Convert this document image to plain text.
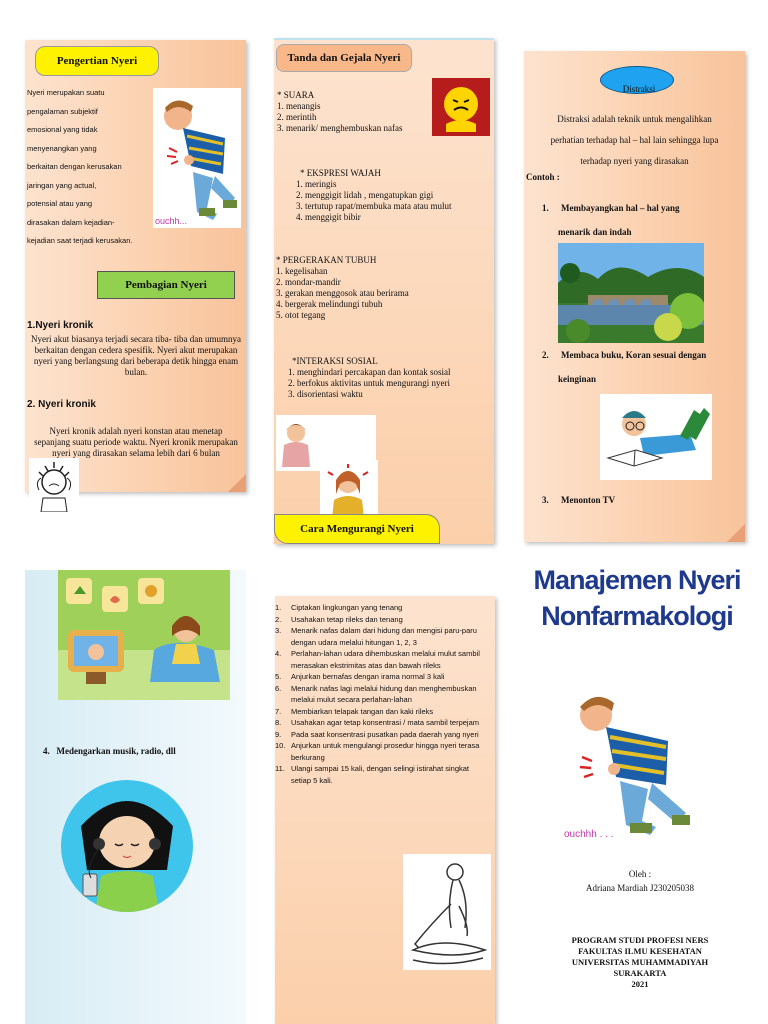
Pengertian Nyeri
Nyeri merupakan suatu
pengalaman subjektif
emosional yang tidak
menyenangkan yang
berkaitan dengan kerusakan
jaringan yang actual,
potensial atau yang
dirasakan dalam kejadian-
kejadian saat terjadi kerusakan.
ouchh...
Pembagian Nyeri
1.Nyeri kronik
Nyeri akut biasanya terjadi secara tiba- tiba dan umumnya berkaitan dengan cedera spesifik. Nyeri akut merupakan nyeri yang berlangsung dari beberapa detik hingga enam bulan.
2. Nyeri kronik
Nyeri kronik adalah nyeri konstan atau menetap sepanjang suatu periode waktu. Nyeri kronik merupakan nyeri yang dirasakan selama lebih dari 6 bulan
Tanda dan Gejala Nyeri
* SUARA
1. menangis
2. merintih
3. menarik/ menghembuskan nafas
* EKSPRESI WAJAH
1. meringis
2. menggigit lidah , mengatupkan gigi
3. tertutup rapat/membuka mata atau mulut
4. menggigit bibir
* PERGERAKAN TUBUH
1. kegelisahan
2. mondar-mandir
3. gerakan menggosok atau berirama
4. bergerak melindungi tubuh
5. otot tegang
*INTERAKSI SOSIAL
1. menghindari percakapan dan kontak sosial
2. berfokus aktivitas untuk mengurangi nyeri
3. disorientasi waktu
Cara Mengurangi Nyeri
Distraksi
Distraksi adalah teknik untuk mengalihkan
perhatian terhadap hal – hal lain sehingga lupa
terhadap nyeri yang dirasakan
Contoh :
1. Membayangkan hal – hal yang
menarik dan indah
2. Membaca buku, Koran sesuai dengan
keinginan
3. Menonton TV
4.   Medengarkan musik, radio, dll
1.	Ciptakan lingkungan yang tenang
2.	Usahakan tetap rileks dan tenang
3.	Menarik nafas dalam dari hidung dan mengisi paru-paru dengan udara melalui hitungan 1, 2, 3
4.	Perlahan-lahan udara dihembuskan melalui mulut sambil merasakan ekstrimitas atas dan bawah rileks
5.	Anjurkan bernafas dengan irama normal 3 kali
6.	Menarik nafas lagi melalui hidung dan menghembuskan melalui mulut secara perlahan-lahan
7.	Membiarkan telapak tangan dan kaki rileks
8.	Usahakan agar tetap konsentrasi / mata sambil terpejam
9.	Pada saat konsentrasi pusatkan pada daerah yang nyeri
10. Anjurkan untuk mengulangi prosedur hingga nyeri terasa berkurang
11. Ulangi sampai 15 kali, dengan selingi istirahat singkat setiap 5 kali.
Manajemen Nyeri
Nonfarmakologi
ouchhh . . .
Oleh :
Adriana Mardiah J230205038
PROGRAM STUDI PROFESI NERS
FAKULTAS ILMU KESEHATAN
UNIVERSITAS MUHAMMADIYAH
SURAKARTA
2021
